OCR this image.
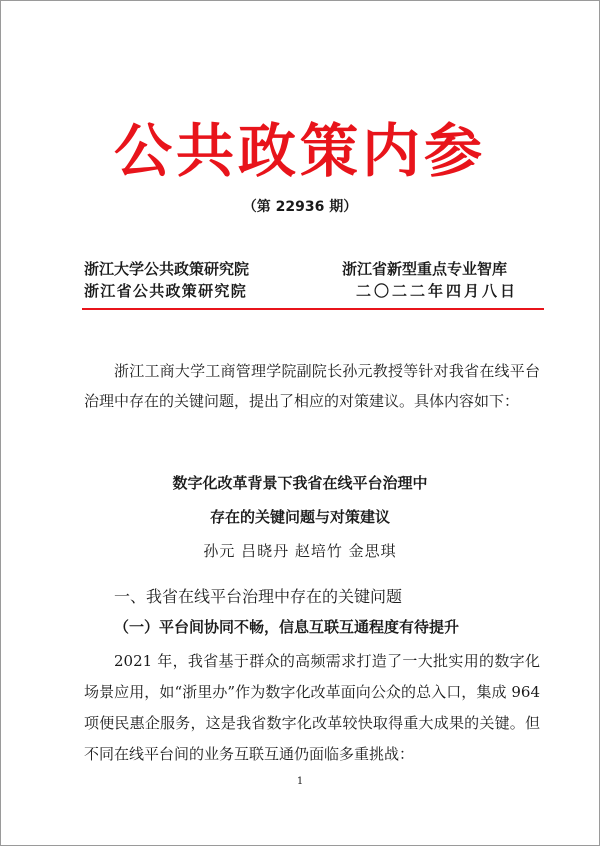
公共政策内参
（第 22936 期）
浙江大学公共政策研究院
浙江省公共政策研究院
浙江省新型重点专业智库
二〇二二年四月八日

浙江工商大学工商管理学院副院长孙元教授等针对我省在线平台治理中存在的关键问题，提出了相应的对策建议。具体内容如下：

数字化改革背景下我省在线平台治理中
存在的关键问题与对策建议
孙元 吕晓丹 赵培竹 金思琪
一、我省在线平台治理中存在的关键问题
（一）平台间协同不畅，信息互联互通程度有待提升

2021 年，我省基于群众的高频需求打造了一大批实用的数字化场景应用，如“浙里办”作为数字化改革面向公众的总入口，集成 964 项便民惠企服务，这是我省数字化改革较快取得重大成果的关键。但不同在线平台间的业务互联互通仍面临多重挑战：

1
